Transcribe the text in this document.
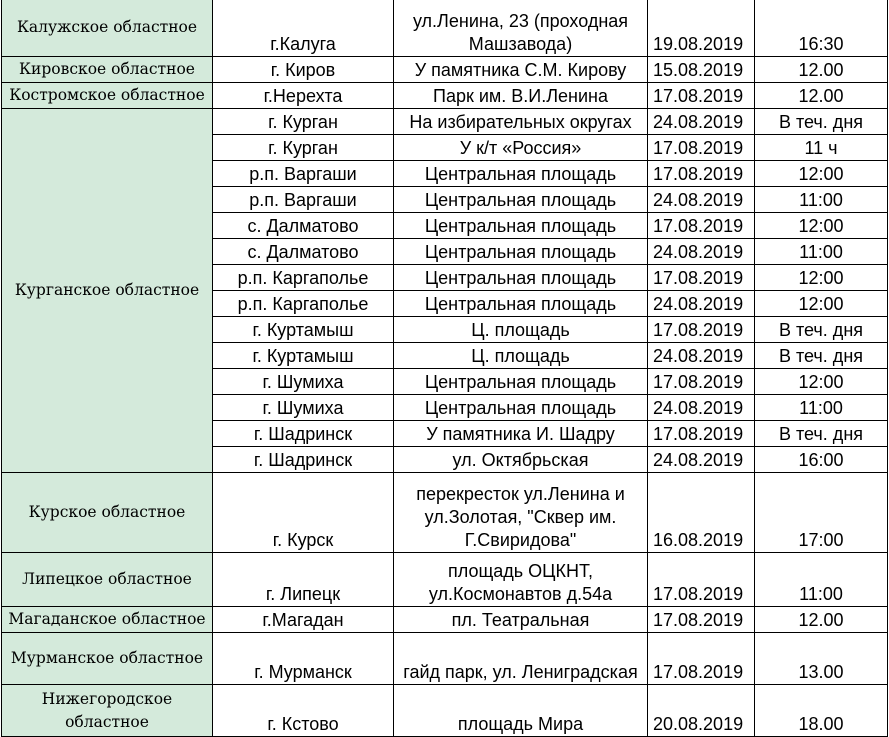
Калужское областное	г.Калуга	ул.Ленина, 23 (проходная Машзавода)	19.08.2019	16:30
Кировское областное	г. Киров	У памятника С.М. Кирову	15.08.2019	12.00
Костромское областное	г.Нерехта	Парк им. В.И.Ленина	17.08.2019	12.00
Курганское областное	г. Курган	На избирательных округах	24.08.2019	В теч. дня
	г. Курган	У к/т «Россия»	17.08.2019	11 ч
	р.п. Варгаши	Центральная площадь	17.08.2019	12:00
	р.п. Варгаши	Центральная площадь	24.08.2019	11:00
	с. Далматово	Центральная площадь	17.08.2019	12:00
	с. Далматово	Центральная площадь	24.08.2019	11:00
	р.п. Каргаполье	Центральная площадь	17.08.2019	12:00
	р.п. Каргаполье	Центральная площадь	24.08.2019	12:00
	г. Куртамыш	Ц. площадь	17.08.2019	В теч. дня
	г. Куртамыш	Ц. площадь	24.08.2019	В теч. дня
	г. Шумиха	Центральная площадь	17.08.2019	12:00
	г. Шумиха	Центральная площадь	24.08.2019	11:00
	г. Шадринск	У памятника И. Шадру	17.08.2019	В теч. дня
	г. Шадринск	ул. Октябрьская	24.08.2019	16:00
Курское областное	г. Курск	перекресток ул.Ленина и ул.Золотая, "Сквер им. Г.Свиридова"	16.08.2019	17:00
Липецкое областное	г. Липецк	площадь ОЦКНТ, ул.Космонавтов д.54а	17.08.2019	11:00
Магаданское областное	г.Магадан	пл. Театральная	17.08.2019	12.00
Мурманское областное	г. Мурманск	гайд парк, ул. Ленигpадская	17.08.2019	13.00
Нижегородское областное	г. Кстово	площадь Мира	20.08.2019	18.00
